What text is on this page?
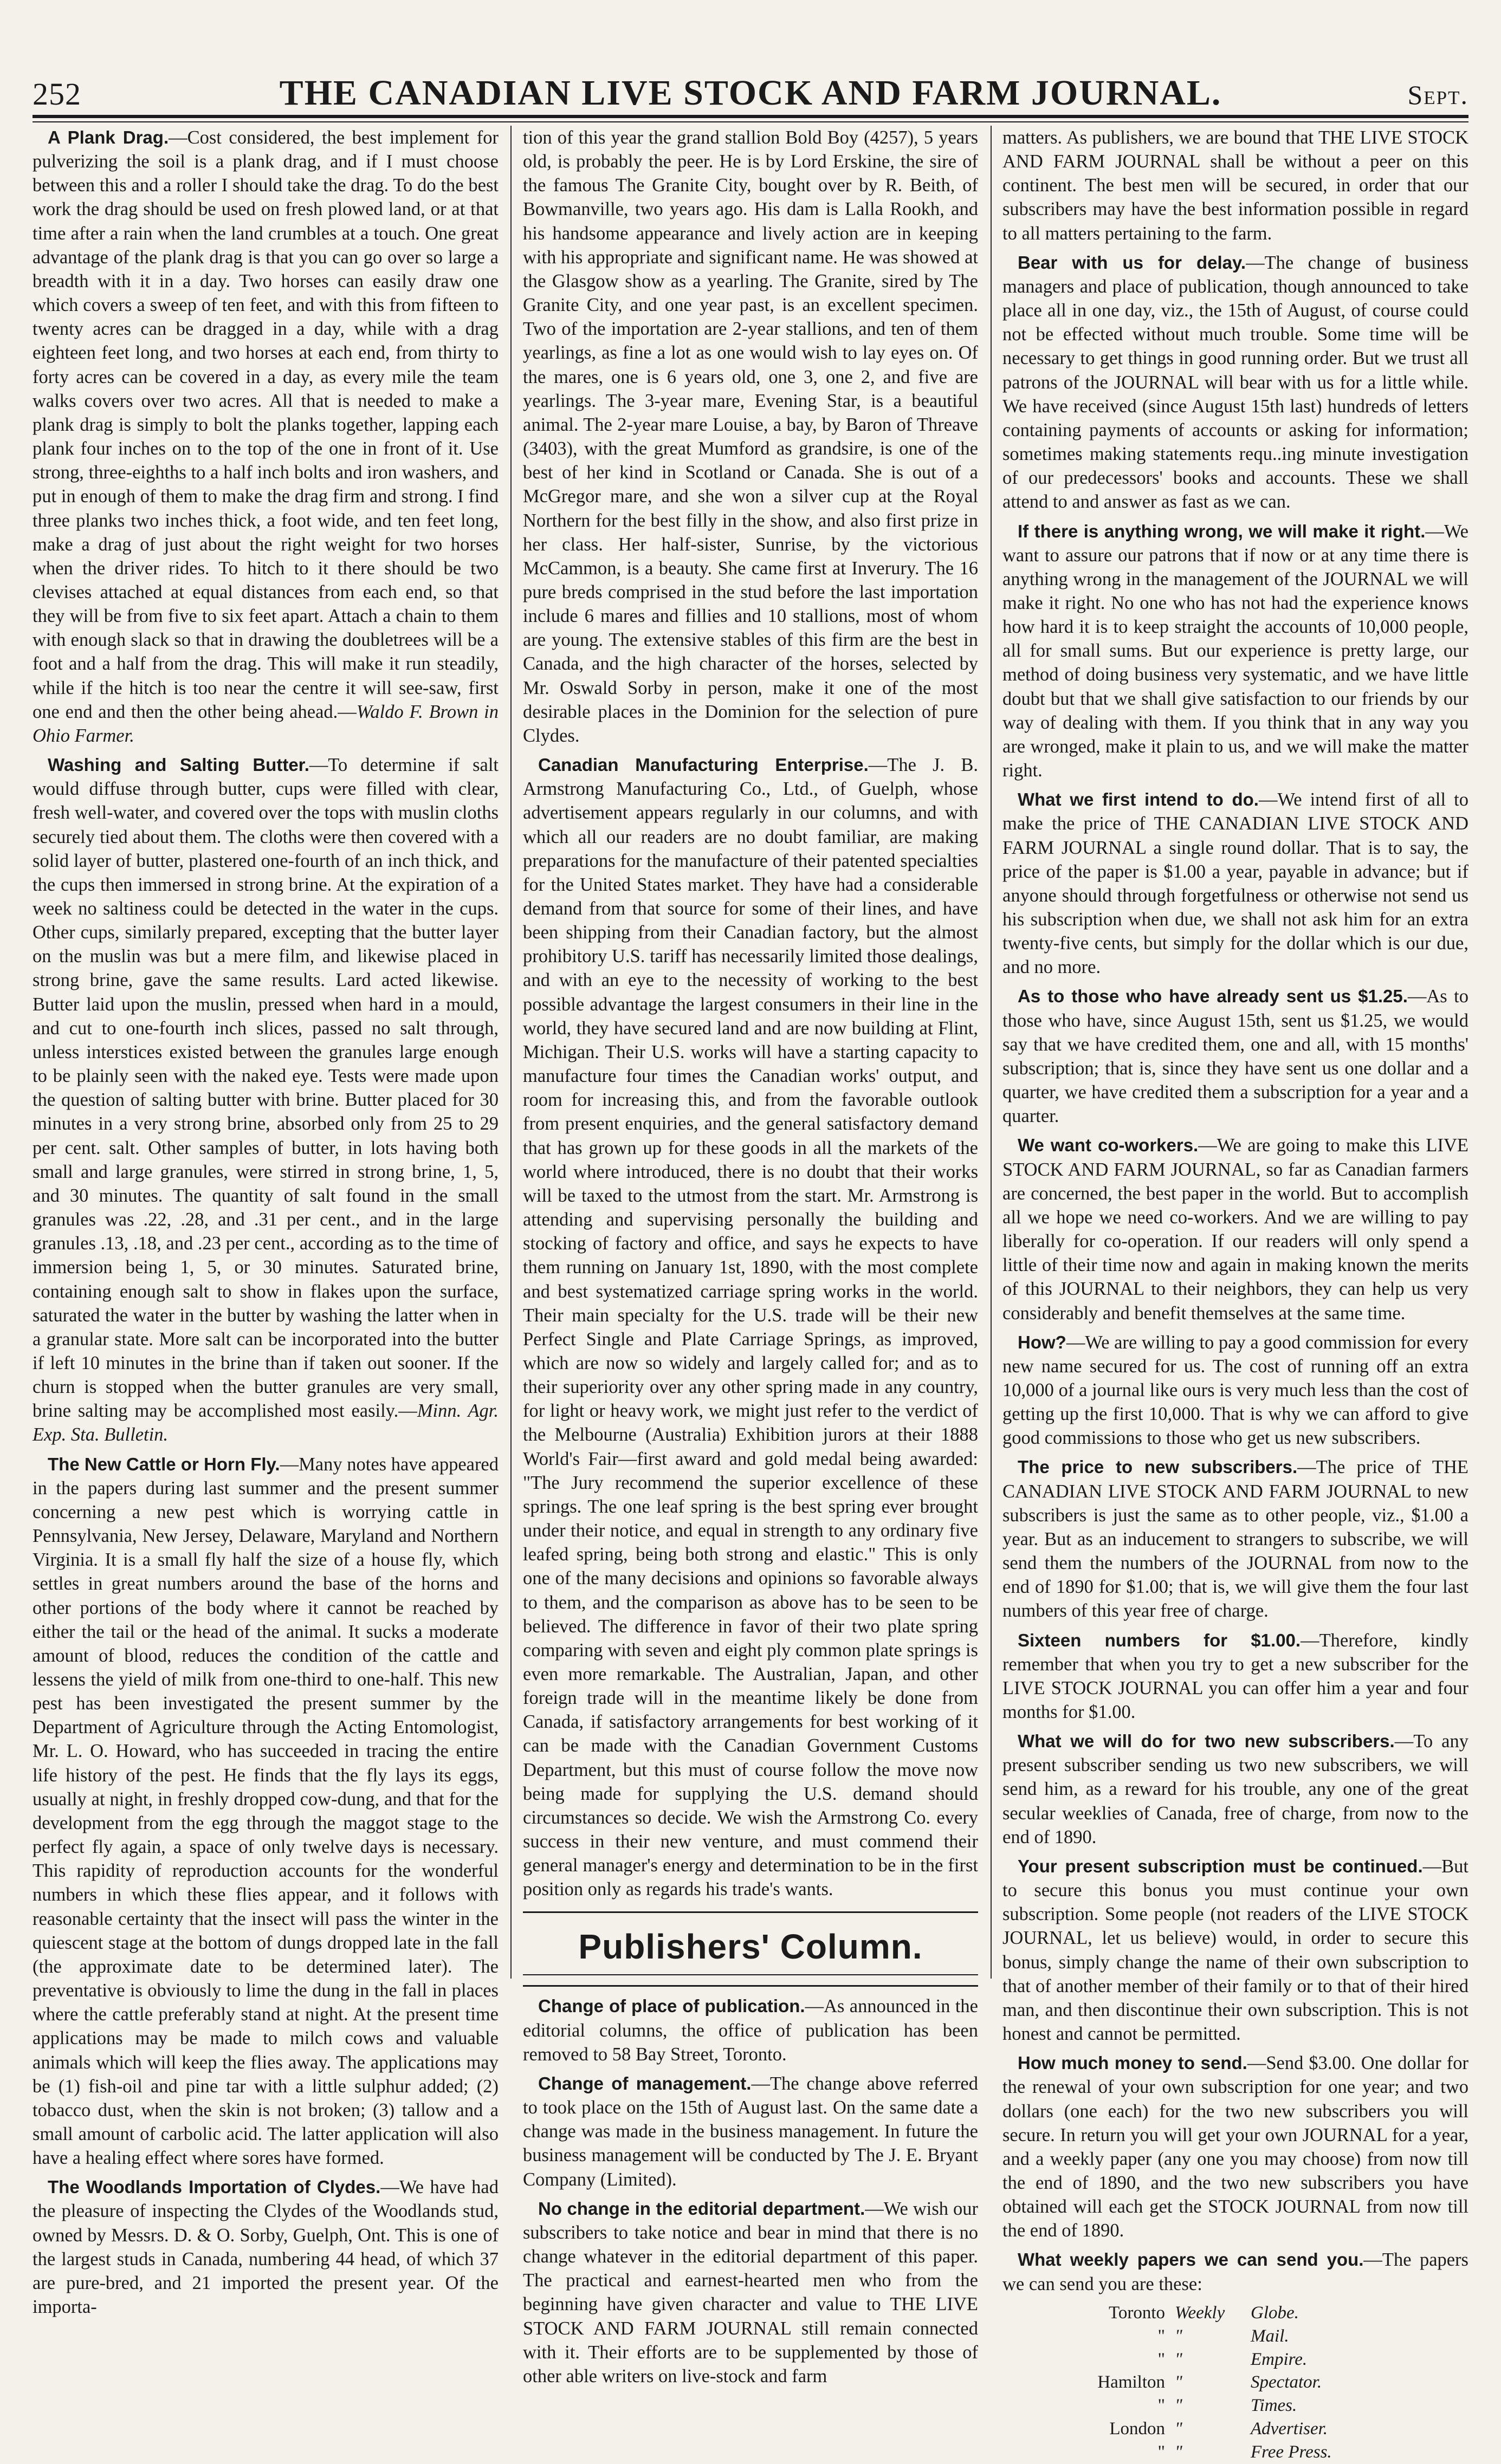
252	THE CANADIAN LIVE STOCK AND FARM JOURNAL.	Sept.

A Plank Drag.—Cost considered, the best implement for pulverizing the soil is a plank drag, and if I must choose between this and a roller I should take the drag. To do the best work the drag should be used on fresh plowed land, or at that time after a rain when the land crumbles at a touch. One great advantage of the plank drag is that you can go over so large a breadth with it in a day. Two horses can easily draw one which covers a sweep of ten feet, and with this from fifteen to twenty acres can be dragged in a day, while with a drag eighteen feet long, and two horses at each end, from thirty to forty acres can be covered in a day, as every mile the team walks covers over two acres. All that is needed to make a plank drag is simply to bolt the planks together, lapping each plank four inches on to the top of the one in front of it. Use strong, three-eighths to a half inch bolts and iron washers, and put in enough of them to make the drag firm and strong. I find three planks two inches thick, a foot wide, and ten feet long, make a drag of just about the right weight for two horses when the driver rides. To hitch to it there should be two clevises attached at equal distances from each end, so that they will be from five to six feet apart. Attach a chain to them with enough slack so that in drawing the doubletrees will be a foot and a half from the drag. This will make it run steadily, while if the hitch is too near the centre it will see-saw, first one end and then the other being ahead.—Waldo F. Brown in Ohio Farmer.

Washing and Salting Butter.—To determine if salt would diffuse through butter, cups were filled with clear, fresh well-water, and covered over the tops with muslin cloths securely tied about them. The cloths were then covered with a solid layer of butter, plastered one-fourth of an inch thick, and the cups then immersed in strong brine. At the expiration of a week no saltiness could be detected in the water in the cups. Other cups, similarly prepared, excepting that the butter layer on the muslin was but a mere film, and likewise placed in strong brine, gave the same results. Lard acted likewise. Butter laid upon the muslin, pressed when hard in a mould, and cut to one-fourth inch slices, passed no salt through, unless interstices existed between the granules large enough to be plainly seen with the naked eye. Tests were made upon the question of salting butter with brine. Butter placed for 30 minutes in a very strong brine, absorbed only from 25 to 29 per cent. salt. Other samples of butter, in lots having both small and large granules, were stirred in strong brine, 1, 5, and 30 minutes. The quantity of salt found in the small granules was .22, .28, and .31 per cent., and in the large granules .13, .18, and .23 per cent., according as to the time of immersion being 1, 5, or 30 minutes. Saturated brine, containing enough salt to show in flakes upon the surface, saturated the water in the butter by washing the latter when in a granular state. More salt can be incorporated into the butter if left 10 minutes in the brine than if taken out sooner. If the churn is stopped when the butter granules are very small, brine salting may be accomplished most easily.—Minn. Agr. Exp. Sta. Bulletin.

The New Cattle or Horn Fly.—Many notes have appeared in the papers during last summer and the present summer concerning a new pest which is worrying cattle in Pennsylvania, New Jersey, Delaware, Maryland and Northern Virginia. It is a small fly half the size of a house fly, which settles in great numbers around the base of the horns and other portions of the body where it cannot be reached by either the tail or the head of the animal. It sucks a moderate amount of blood, reduces the condition of the cattle and lessens the yield of milk from one-third to one-half. This new pest has been investigated the present summer by the Department of Agriculture through the Acting Entomologist, Mr. L. O. Howard, who has succeeded in tracing the entire life history of the pest. He finds that the fly lays its eggs, usually at night, in freshly dropped cow-dung, and that for the development from the egg through the maggot stage to the perfect fly again, a space of only twelve days is necessary. This rapidity of reproduction accounts for the wonderful numbers in which these flies appear, and it follows with reasonable certainty that the insect will pass the winter in the quiescent stage at the bottom of dungs dropped late in the fall (the approximate date to be determined later). The preventative is obviously to lime the dung in the fall in places where the cattle preferably stand at night. At the present time applications may be made to milch cows and valuable animals which will keep the flies away. The applications may be (1) fish-oil and pine tar with a little sulphur added; (2) tobacco dust, when the skin is not broken; (3) tallow and a small amount of carbolic acid. The latter application will also have a healing effect where sores have formed.

The Woodlands Importation of Clydes.—We have had the pleasure of inspecting the Clydes of the Woodlands stud, owned by Messrs. D. & O. Sorby, Guelph, Ont. This is one of the largest studs in Canada, numbering 44 head, of which 37 are pure-bred, and 21 imported the present year. Of the importa-

tion of this year the grand stallion Bold Boy (4257), 5 years old, is probably the peer. He is by Lord Erskine, the sire of the famous The Granite City, bought over by R. Beith, of Bowmanville, two years ago. His dam is Lalla Rookh, and his handsome appearance and lively action are in keeping with his appropriate and significant name. He was showed at the Glasgow show as a yearling. The Granite, sired by The Granite City, and one year past, is an excellent specimen. Two of the importation are 2-year stallions, and ten of them yearlings, as fine a lot as one would wish to lay eyes on. Of the mares, one is 6 years old, one 3, one 2, and five are yearlings. The 3-year mare, Evening Star, is a beautiful animal. The 2-year mare Louise, a bay, by Baron of Threave (3403), with the great Mumford as grandsire, is one of the best of her kind in Scotland or Canada. She is out of a McGregor mare, and she won a silver cup at the Royal Northern for the best filly in the show, and also first prize in her class. Her half-sister, Sunrise, by the victorious McCammon, is a beauty. She came first at Inverury. The 16 pure breds comprised in the stud before the last importation include 6 mares and fillies and 10 stallions, most of whom are young. The extensive stables of this firm are the best in Canada, and the high character of the horses, selected by Mr. Oswald Sorby in person, make it one of the most desirable places in the Dominion for the selection of pure Clydes.

Canadian Manufacturing Enterprise.—The J. B. Armstrong Manufacturing Co., Ltd., of Guelph, whose advertisement appears regularly in our columns, and with which all our readers are no doubt familiar, are making preparations for the manufacture of their patented specialties for the United States market. They have had a considerable demand from that source for some of their lines, and have been shipping from their Canadian factory, but the almost prohibitory U.S. tariff has necessarily limited those dealings, and with an eye to the necessity of working to the best possible advantage the largest consumers in their line in the world, they have secured land and are now building at Flint, Michigan. Their U.S. works will have a starting capacity to manufacture four times the Canadian works' output, and room for increasing this, and from the favorable outlook from present enquiries, and the general satisfactory demand that has grown up for these goods in all the markets of the world where introduced, there is no doubt that their works will be taxed to the utmost from the start. Mr. Armstrong is attending and supervising personally the building and stocking of factory and office, and says he expects to have them running on January 1st, 1890, with the most complete and best systematized carriage spring works in the world. Their main specialty for the U.S. trade will be their new Perfect Single and Plate Carriage Springs, as improved, which are now so widely and largely called for; and as to their superiority over any other spring made in any country, for light or heavy work, we might just refer to the verdict of the Melbourne (Australia) Exhibition jurors at their 1888 World's Fair—first award and gold medal being awarded: "The Jury recommend the superior excellence of these springs. The one leaf spring is the best spring ever brought under their notice, and equal in strength to any ordinary five leafed spring, being both strong and elastic." This is only one of the many decisions and opinions so favorable always to them, and the comparison as above has to be seen to be believed. The difference in favor of their two plate spring comparing with seven and eight ply common plate springs is even more remarkable. The Australian, Japan, and other foreign trade will in the meantime likely be done from Canada, if satisfactory arrangements for best working of it can be made with the Canadian Government Customs Department, but this must of course follow the move now being made for supplying the U.S. demand should circumstances so decide. We wish the Armstrong Co. every success in their new venture, and must commend their general manager's energy and determination to be in the first position only as regards his trade's wants.

Publishers' Column.

Change of place of publication.—As announced in the editorial columns, the office of publication has been removed to 58 Bay Street, Toronto.

Change of management.—The change above referred to took place on the 15th of August last. On the same date a change was made in the business management. In future the business management will be conducted by The J. E. Bryant Company (Limited).

No change in the editorial department.—We wish our subscribers to take notice and bear in mind that there is no change whatever in the editorial department of this paper. The practical and earnest-hearted men who from the beginning have given character and value to THE LIVE STOCK AND FARM JOURNAL still remain connected with it. Their efforts are to be supplemented by those of other able writers on live-stock and farm

matters. As publishers, we are bound that THE LIVE STOCK AND FARM JOURNAL shall be without a peer on this continent. The best men will be secured, in order that our subscribers may have the best information possible in regard to all matters pertaining to the farm.

Bear with us for delay.—The change of business managers and place of publication, though announced to take place all in one day, viz., the 15th of August, of course could not be effected without much trouble. Some time will be necessary to get things in good running order. But we trust all patrons of the JOURNAL will bear with us for a little while. We have received (since August 15th last) hundreds of letters containing payments of accounts or asking for information; sometimes making statements requ..ing minute investigation of our predecessors' books and accounts. These we shall attend to and answer as fast as we can.

If there is anything wrong, we will make it right.—We want to assure our patrons that if now or at any time there is anything wrong in the management of the JOURNAL we will make it right. No one who has not had the experience knows how hard it is to keep straight the accounts of 10,000 people, all for small sums. But our experience is pretty large, our method of doing business very systematic, and we have little doubt but that we shall give satisfaction to our friends by our way of dealing with them. If you think that in any way you are wronged, make it plain to us, and we will make the matter right.

What we first intend to do.—We intend first of all to make the price of THE CANADIAN LIVE STOCK AND FARM JOURNAL a single round dollar. That is to say, the price of the paper is $1.00 a year, payable in advance; but if anyone should through forgetfulness or otherwise not send us his subscription when due, we shall not ask him for an extra twenty-five cents, but simply for the dollar which is our due, and no more.

As to those who have already sent us $1.25.—As to those who have, since August 15th, sent us $1.25, we would say that we have credited them, one and all, with 15 months' subscription; that is, since they have sent us one dollar and a quarter, we have credited them a subscription for a year and a quarter.

We want co-workers.—We are going to make this LIVE STOCK AND FARM JOURNAL, so far as Canadian farmers are concerned, the best paper in the world. But to accomplish all we hope we need co-workers. And we are willing to pay liberally for co-operation. If our readers will only spend a little of their time now and again in making known the merits of this JOURNAL to their neighbors, they can help us very considerably and benefit themselves at the same time.

How?—We are willing to pay a good commission for every new name secured for us. The cost of running off an extra 10,000 of a journal like ours is very much less than the cost of getting up the first 10,000. That is why we can afford to give good commissions to those who get us new subscribers.

The price to new subscribers.—The price of THE CANADIAN LIVE STOCK AND FARM JOURNAL to new subscribers is just the same as to other people, viz., $1.00 a year. But as an inducement to strangers to subscribe, we will send them the numbers of the JOURNAL from now to the end of 1890 for $1.00; that is, we will give them the four last numbers of this year free of charge.

Sixteen numbers for $1.00.—Therefore, kindly remember that when you try to get a new subscriber for the LIVE STOCK JOURNAL you can offer him a year and four months for $1.00.

What we will do for two new subscribers.—To any present subscriber sending us two new subscribers, we will send him, as a reward for his trouble, any one of the great secular weeklies of Canada, free of charge, from now to the end of 1890.

Your present subscription must be continued.—But to secure this bonus you must continue your own subscription. Some people (not readers of the LIVE STOCK JOURNAL, let us believe) would, in order to secure this bonus, simply change the name of their own subscription to that of another member of their family or to that of their hired man, and then discontinue their own subscription. This is not honest and cannot be permitted.

How much money to send.—Send $3.00. One dollar for the renewal of your own subscription for one year; and two dollars (one each) for the two new subscribers you will secure. In return you will get your own JOURNAL for a year, and a weekly paper (any one you may choose) from now till the end of 1890, and the two new subscribers you have obtained will each get the STOCK JOURNAL from now till the end of 1890.

What weekly papers we can send you.—The papers we can send you are these:

Toronto Weekly	Globe.
" "	Mail.
" "	Empire.
Hamilton "	Spectator.
" "	Times.
London "	Advertiser.
" "	Free Press.
